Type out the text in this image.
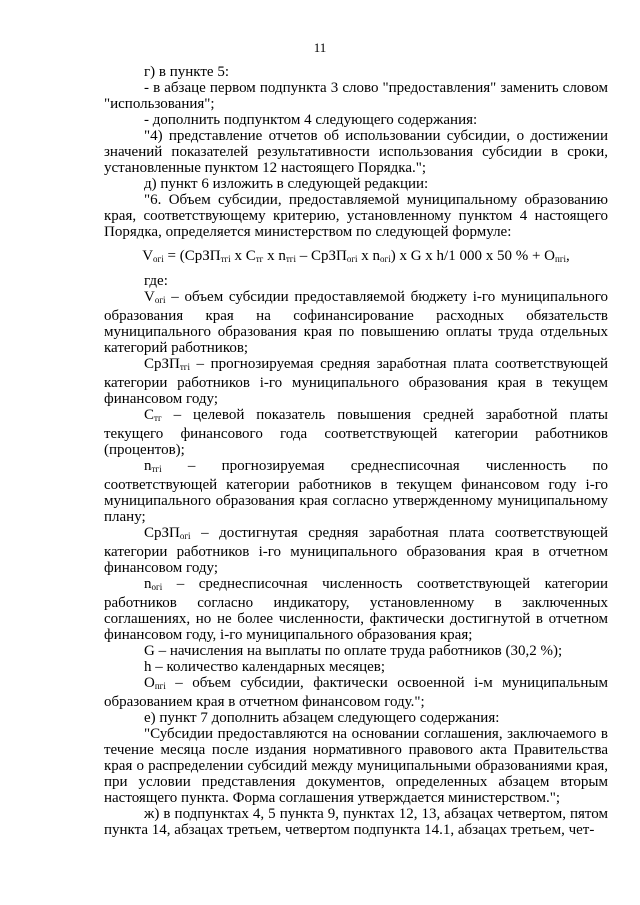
11

г) в пункте 5:

- в абзаце первом подпункта 3 слово "предоставления" заменить словом "использования";

- дополнить подпунктом 4 следующего содержания:

"4) представление отчетов об использовании субсидии, о достижении значений показателей результативности использования субсидии в сроки, установленные пунктом 12 настоящего Порядка.";

д) пункт 6 изложить в следующей редакции:

"6. Объем субсидии, предоставляемой муниципальному образованию края, соответствующему критерию, установленному пунктом 4 настоящего Порядка, определяется министерством по следующей формуле:

$V_{огi}$ = (СрЗП$_{тгi}$ х $С_{тг}$ х $n_{тгi}$ – СрЗП$_{огi}$ х $n_{огi}$) х G х h/1 000 х 50 % + $О_{пгi}$,

где:

$V_{огi}$ – объем субсидии предоставляемой бюджету i-го муниципального образования края на софинансирование расходных обязательств муниципального образования края по повышению оплаты труда отдельных категорий работников;

СрЗП$_{тгi}$ – прогнозируемая средняя заработная плата соответствующей категории работников i-го муниципального образования края в текущем финансовом году;

$С_{тг}$ – целевой показатель повышения средней заработной платы текущего финансового года соответствующей категории работников (процентов);

$n_{тгi}$ – прогнозируемая среднесписочная численность по соответствующей категории работников в текущем финансовом году i-го муниципального образования края согласно утвержденному муниципальному плану;

СрЗП$_{огi}$ – достигнутая средняя заработная плата соответствующей категории работников i-го муниципального образования края в отчетном финансовом году;

$n_{огi}$ – среднесписочная численность соответствующей категории работников согласно индикатору, установленному в заключенных соглашениях, но не более численности, фактически достигнутой в отчетном финансовом году, i-го муниципального образования края;

G – начисления на выплаты по оплате труда работников (30,2 %);

h – количество календарных месяцев;

$О_{пгi}$ – объем субсидии, фактически освоенной i-м муниципальным образованием края в отчетном финансовом году.";

е) пункт 7 дополнить абзацем следующего содержания:

"Субсидии предоставляются на основании соглашения, заключаемого в течение месяца после издания нормативного правового акта Правительства края о распределении субсидий между муниципальными образованиями края, при условии представления документов, определенных абзацем вторым настоящего пункта. Форма соглашения утверждается министерством.";

ж) в подпунктах 4, 5 пункта 9, пунктах 12, 13, абзацах четвертом, пятом пункта 14, абзацах третьем, четвертом подпункта 14.1, абзацах третьем, чет-
